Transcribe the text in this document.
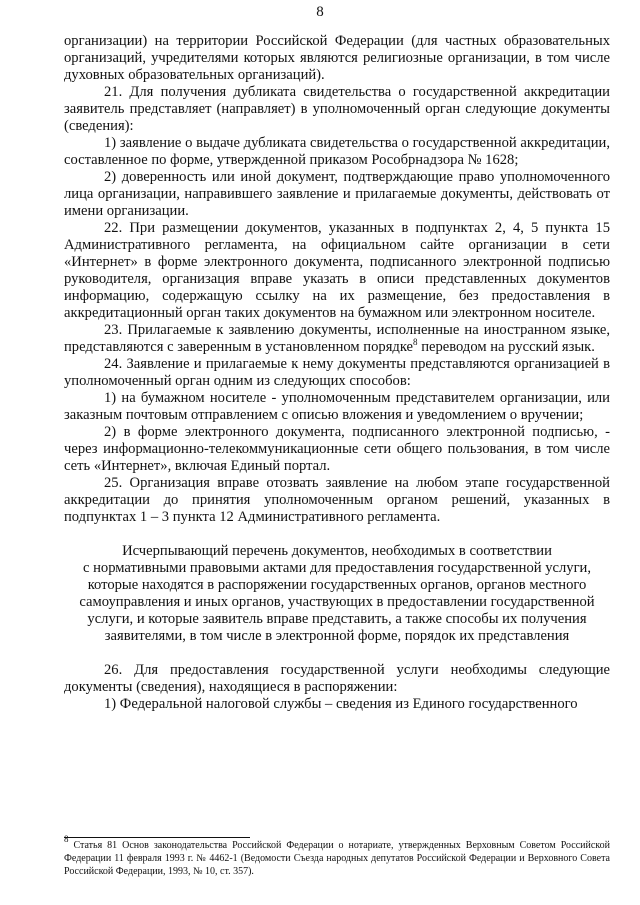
8

организации) на территории Российской Федерации (для частных образовательных организаций, учредителями которых являются религиозные организации, в том числе духовных образовательных организаций).

21. Для получения дубликата свидетельства о государственной аккредитации заявитель представляет (направляет) в уполномоченный орган следующие документы (сведения):

1) заявление о выдаче дубликата свидетельства о государственной аккредитации, составленное по форме, утвержденной приказом Рособрнадзора № 1628;

2) доверенность или иной документ, подтверждающие право уполномоченного лица организации, направившего заявление и прилагаемые документы, действовать от имени организации.

22. При размещении документов, указанных в подпунктах 2, 4, 5 пункта 15 Административного регламента, на официальном сайте организации в сети «Интернет» в форме электронного документа, подписанного электронной подписью руководителя, организация вправе указать в описи представленных документов информацию, содержащую ссылку на их размещение, без предоставления в аккредитационный орган таких документов на бумажном или электронном носителе.

23. Прилагаемые к заявлению документы, исполненные на иностранном языке, представляются с заверенным в установленном порядке$^8$ переводом на русский язык.

24. Заявление и прилагаемые к нему документы представляются организацией в уполномоченный орган одним из следующих способов:

1) на бумажном носителе - уполномоченным представителем организации, или заказным почтовым отправлением с описью вложения и уведомлением о вручении;

2) в форме электронного документа, подписанного электронной подписью, - через информационно-телекоммуникационные сети общего пользования, в том числе сеть «Интернет», включая Единый портал.

25. Организация вправе отозвать заявление на любом этапе государственной аккредитации до принятия уполномоченным органом решений, указанных в подпунктах 1 – 3 пункта 12 Административного регламента.

Исчерпывающий перечень документов, необходимых в соответствии

с нормативными правовыми актами для предоставления государственной услуги,

которые находятся в распоряжении государственных органов, органов местного

самоуправления и иных органов, участвующих в предоставлении государственной

услуги, и которые заявитель вправе представить, а также способы их получения

заявителями, в том числе в электронной форме, порядок их представления

26. Для предоставления государственной услуги необходимы следующие документы (сведения), находящиеся в распоряжении:

1) Федеральной налоговой службы – сведения из Единого государственного

$^8$ Статья 81 Основ законодательства Российской Федерации о нотариате, утвержденных Верховным Советом Российской Федерации 11 февраля 1993 г. № 4462-1 (Ведомости Съезда народных депутатов Российской Федерации и Верховного Совета Российской Федерации, 1993, № 10, ст. 357).
